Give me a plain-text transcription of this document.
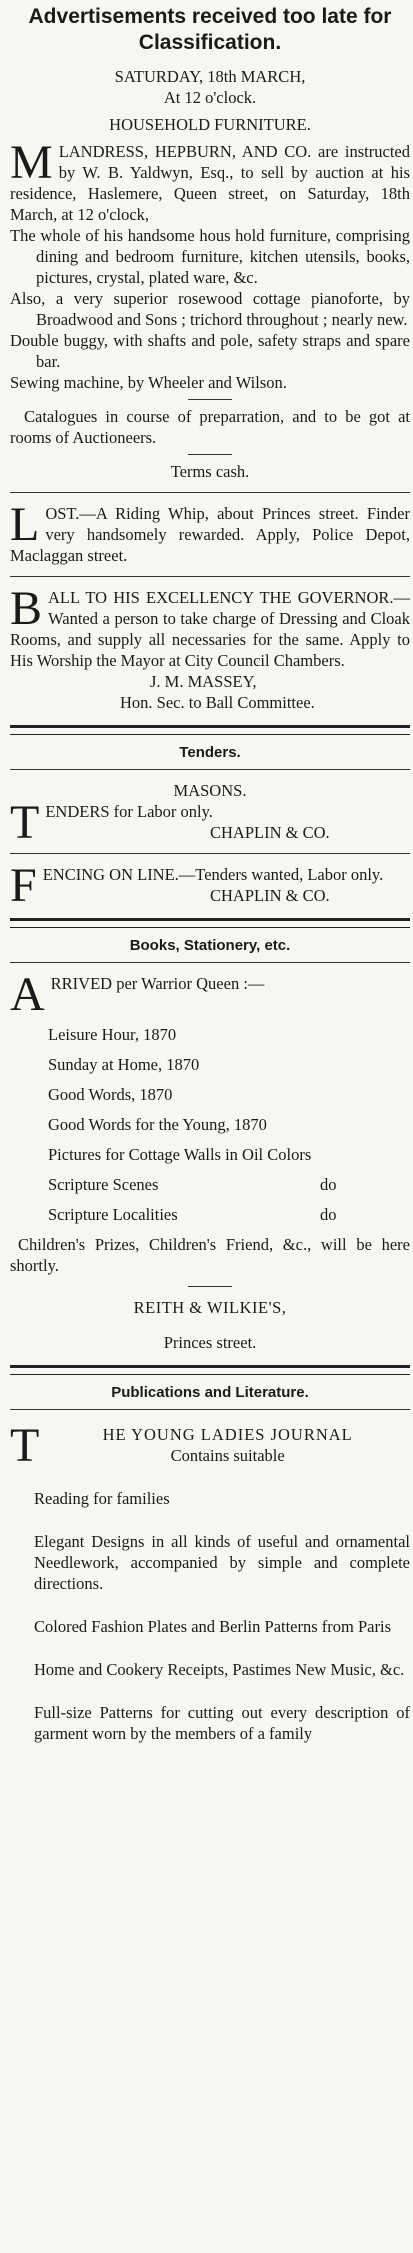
Advertisements received too late for Classification.
SATURDAY, 18th MARCH,
At 12 o'clock.
HOUSEHOLD FURNITURE.
M LANDRESS, HEPBURN, AND CO. are instructed by W. B. Yaldwyn, Esq., to sell by auction at his residence, Haslemere, Queen street, on Saturday, 18th March, at 12 o'clock,

The whole of his handsome hous hold furniture, comprising dining and bedroom furniture, kitchen utensils, books, pictures, crystal, plated ware, &c.

Also, a very superior rosewood cottage pianoforte, by Broadwood and Sons ; trichord throughout ; nearly new.

Double buggy, with shafts and pole, safety straps and spare bar.

Sewing machine, by Wheeler and Wilson.

Catalogues in course of preparration, and to be got at rooms of Auctioneers.

Terms cash.
L OST.—A Riding Whip, about Princes street. Finder very handsomely rewarded. Apply, Police Depot, Maclaggan street.

B ALL TO HIS EXCELLENCY THE GOVERNOR.—Wanted a person to take charge of Dressing and Cloak Rooms, and supply all necessaries for the same. Apply to His Worship the Mayor at City Council Chambers.

J. M. MASSEY,
Hon. Sec. to Ball Committee.
Tenders.
MASONS.
T ENDERS for Labor only.
CHAPLIN & CO.
F ENCING ON LINE.—Tenders wanted, Labor only.

CHAPLIN & CO.
Books, Stationery, etc.
A RRIVED per Warrior Queen :—
Leisure Hour, 1870
Sunday at Home, 1870
Good Words, 1870
Good Words for the Young, 1870
Pictures for Cottage Walls in Oil Colors
Scripture Scenes	do
Scripture Localities	do

Children's Prizes, Children's Friend, &c., will be here shortly.

REITH & WILKIE'S,
Princes street.
Publications and Literature.
T	HE YOUNG LADIES JOURNAL
Contains suitable

Reading for families

Elegant Designs in all kinds of useful and ornamental Needlework, accompanied by simple and complete directions.

Colored Fashion Plates and Berlin Patterns from Paris

Home and Cookery Receipts, Pastimes New Music, &c.

Full-size Patterns for cutting out every description of garment worn by the members of a family
